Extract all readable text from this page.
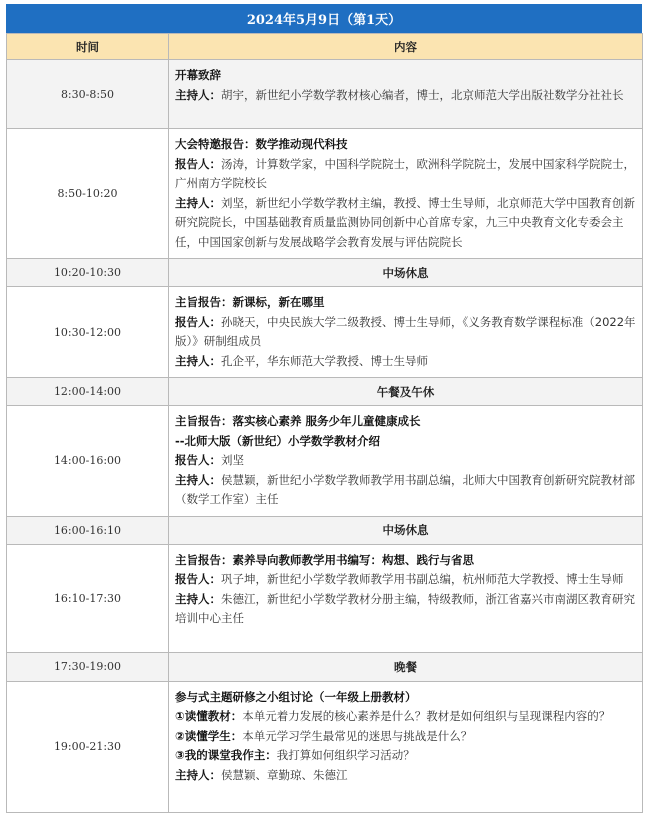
2024年5月9日（第1天）
时间	内容
8:30-8:50	开幕致辞
主持人：胡宇，新世纪小学数学教材核心编者，博士，北京师范大学出版社数学分社社长

8:50-10:20	大会特邀报告：数学推动现代科技
报告人：汤涛，计算数学家，中国科学院院士，欧洲科学院院士，发展中国家科学院院士，广州南方学院校长
主持人：刘坚，新世纪小学数学教材主编，教授、博士生导师，北京师范大学中国教育创新研究院院长，中国基础教育质量监测协同创新中心首席专家，九三中央教育文化专委会主任，中国国家创新与发展战略学会教育发展与评估院院长

10:20-10:30	中场休息
10:30-12:00	主旨报告：新课标，新在哪里
报告人：孙晓天，中央民族大学二级教授、博士生导师，《义务教育数学课程标准（2022年版）》研制组成员
主持人：孔企平，华东师范大学教授、博士生导师

12:00-14:00	午餐及午休
14:00-16:00	主旨报告：落实核心素养 服务少年儿童健康成长
--北师大版（新世纪）小学数学教材介绍
报告人：刘坚
主持人：侯慧颖，新世纪小学数学教师教学用书副总编，北师大中国教育创新研究院教材部（数学工作室）主任

16:00-16:10	中场休息
16:10-17:30	主旨报告：素养导向教师教学用书编写：构想、践行与省思
报告人：巩子坤，新世纪小学数学教师教学用书副总编，杭州师范大学教授、博士生导师
主持人：朱德江，新世纪小学数学教材分册主编，特级教师，浙江省嘉兴市南湖区教育研究培训中心主任

17:30-19:00	晚餐
19:00-21:30	参与式主题研修之小组讨论（一年级上册教材）
①读懂教材：本单元着力发展的核心素养是什么？教材是如何组织与呈现课程内容的？
②读懂学生：本单元学习学生最常见的迷思与挑战是什么？
③我的课堂我作主：我打算如何组织学习活动？
主持人：侯慧颖、章勤琼、朱德江
